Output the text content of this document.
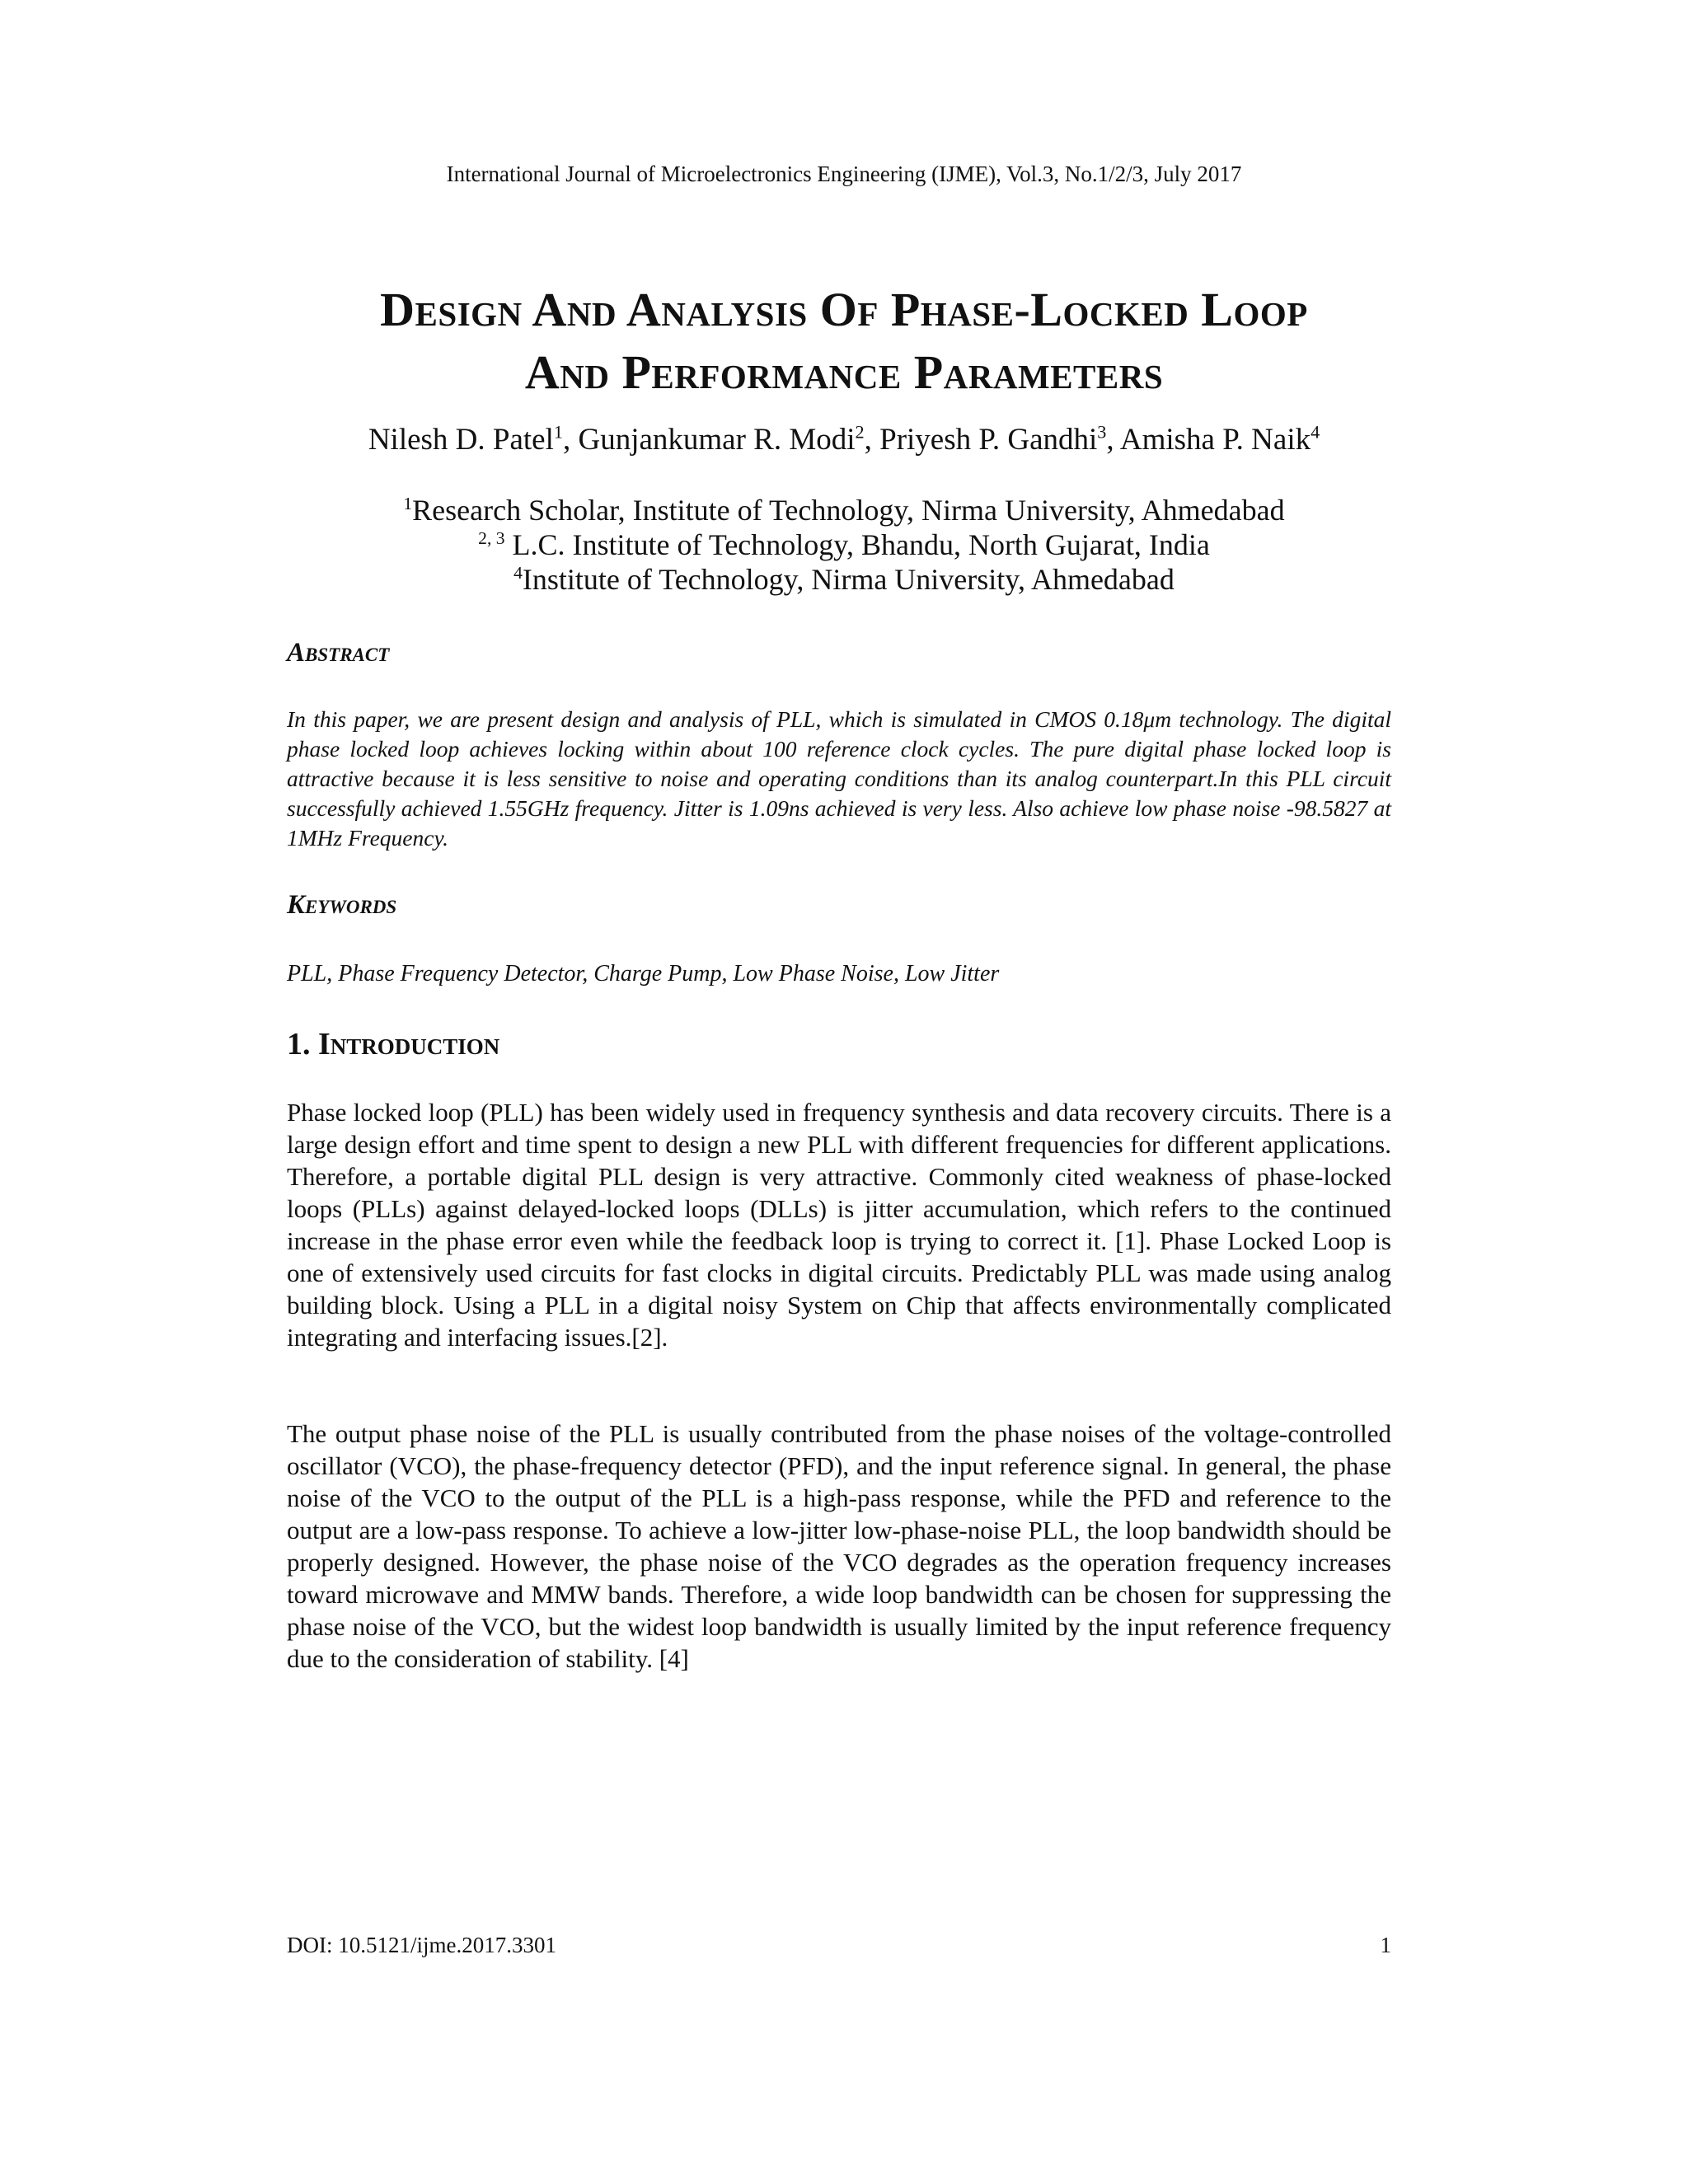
International Journal of Microelectronics Engineering (IJME), Vol.3, No.1/2/3, July 2017
Design And Analysis Of Phase-Locked Loop
And Performance Parameters
Nilesh D. Patel$^1$, Gunjankumar R. Modi$^2$, Priyesh P. Gandhi$^3$, Amisha P. Naik$^4$
$^1$Research Scholar, Institute of Technology, Nirma University, Ahmedabad
$^{2, 3}$ L.C. Institute of Technology, Bhandu, North Gujarat, India
$^4$Institute of Technology, Nirma University, Ahmedabad
Abstract
In this paper, we are present design and analysis of PLL, which is simulated in CMOS 0.18μm technology. The digital phase locked loop achieves locking within about 100 reference clock cycles. The pure digital phase locked loop is attractive because it is less sensitive to noise and operating conditions than its analog counterpart.In this PLL circuit successfully achieved 1.55GHz frequency. Jitter is 1.09ns achieved is very less. Also achieve low phase noise -98.5827 at 1MHz Frequency.
Keywords
PLL, Phase Frequency Detector, Charge Pump, Low Phase Noise, Low Jitter
1. Introduction
Phase locked loop (PLL) has been widely used in frequency synthesis and data recovery circuits. There is a large design effort and time spent to design a new PLL with different frequencies for different applications. Therefore, a portable digital PLL design is very attractive. Commonly cited weakness of phase-locked loops (PLLs) against delayed-locked loops (DLLs) is jitter accumulation, which refers to the continued increase in the phase error even while the feedback loop is trying to correct it. [1]. Phase Locked Loop is one of extensively used circuits for fast clocks in digital circuits. Predictably PLL was made using analog building block. Using a PLL in a digital noisy System on Chip that affects environmentally complicated integrating and interfacing issues.[2].
The output phase noise of the PLL is usually contributed from the phase noises of the voltage-controlled oscillator (VCO), the phase-frequency detector (PFD), and the input reference signal. In general, the phase noise of the VCO to the output of the PLL is a high-pass response, while the PFD and reference to the output are a low-pass response. To achieve a low-jitter low-phase-noise PLL, the loop bandwidth should be properly designed. However, the phase noise of the VCO degrades as the operation frequency increases toward microwave and MMW bands. Therefore, a wide loop bandwidth can be chosen for suppressing the phase noise of the VCO, but the widest loop bandwidth is usually limited by the input reference frequency due to the consideration of stability. [4]
DOI: 10.5121/ijme.2017.3301	1
